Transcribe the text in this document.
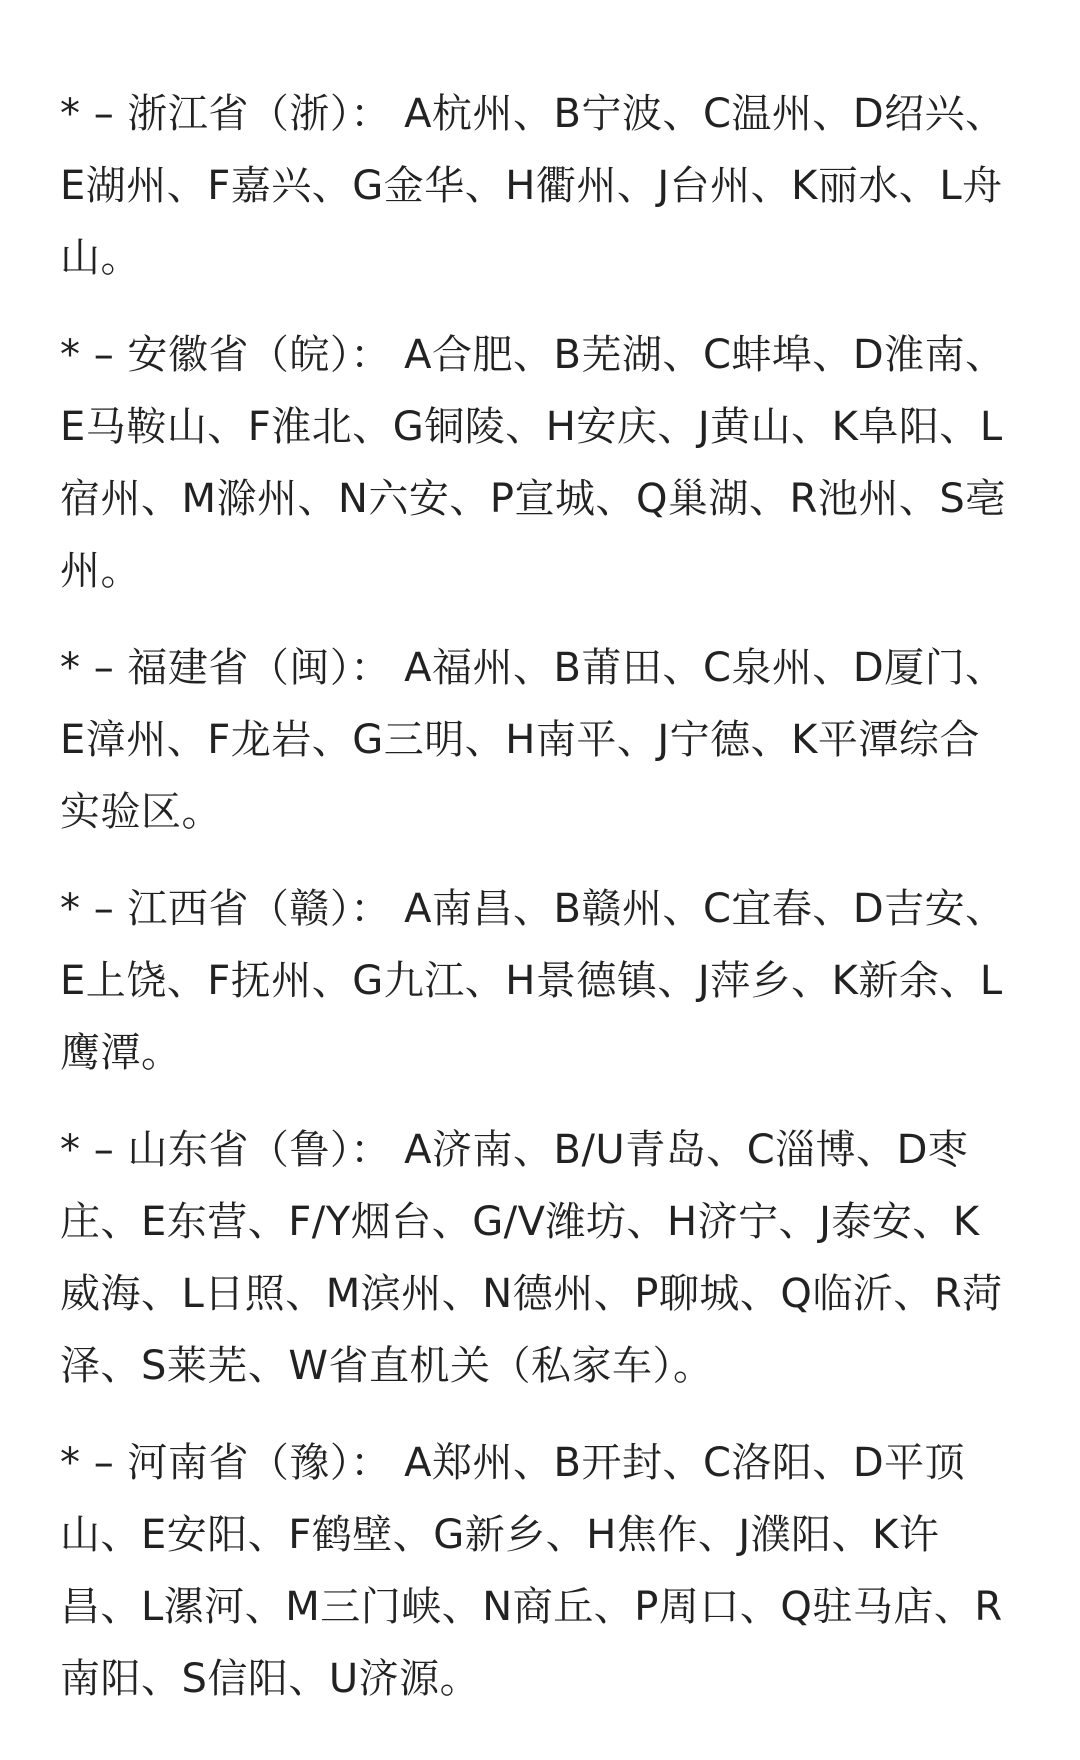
* – 浙江省（浙）： A杭州、B宁波、C温州、D绍兴、E湖州、F嘉兴、G金华、H衢州、J台州、K丽水、L舟山。

* – 安徽省（皖）： A合肥、B芜湖、C蚌埠、D淮南、E马鞍山、F淮北、G铜陵、H安庆、J黄山、K阜阳、L宿州、M滁州、N六安、P宣城、Q巢湖、R池州、S亳州。

* – 福建省（闽）： A福州、B莆田、C泉州、D厦门、E漳州、F龙岩、G三明、H南平、J宁德、K平潭综合实验区。

* – 江西省（赣）： A南昌、B赣州、C宜春、D吉安、E上饶、F抚州、G九江、H景德镇、J萍乡、K新余、L鹰潭。

* – 山东省（鲁）： A济南、B/U青岛、C淄博、D枣庄、E东营、F/Y烟台、G/V潍坊、H济宁、J泰安、K威海、L日照、M滨州、N德州、P聊城、Q临沂、R菏泽、S莱芜、W省直机关（私家车）。

* – 河南省（豫）： A郑州、B开封、C洛阳、D平顶山、E安阳、F鹤壁、G新乡、H焦作、J濮阳、K许昌、L漯河、M三门峡、N商丘、P周口、Q驻马店、R南阳、S信阳、U济源。
